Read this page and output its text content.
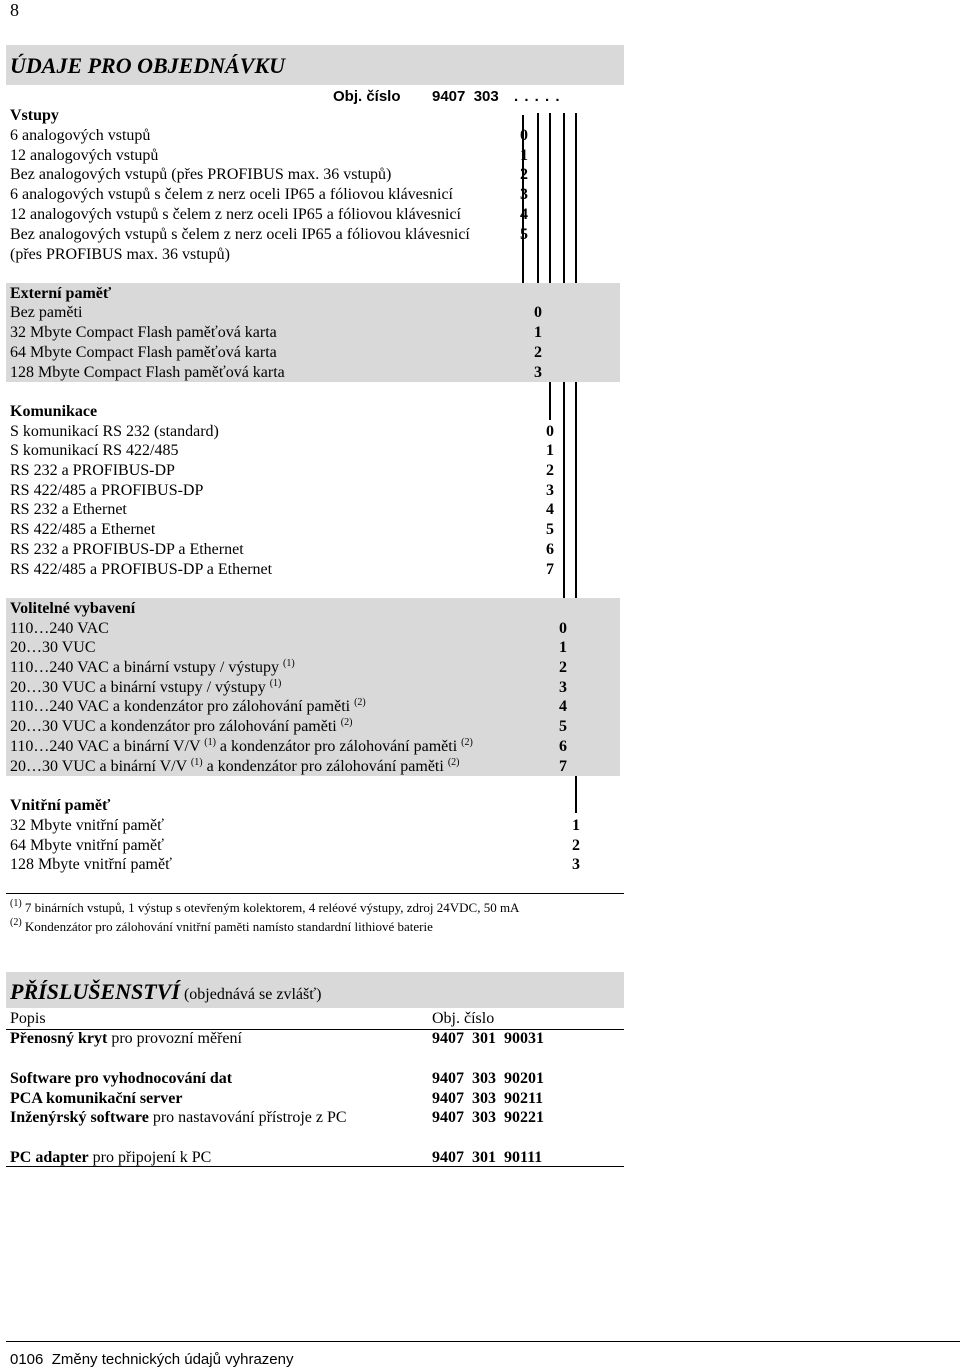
8
ÚDAJE PRO OBJEDNÁVKU
Obj. číslo 9407  303 . . . . .
Vstupy
6 analogových vstupů	0
12 analogových vstupů	1
Bez analogových vstupů (přes PROFIBUS max. 36 vstupů)	2
6 analogových vstupů s čelem z nerz oceli IP65 a fóliovou klávesnicí	3
12 analogových vstupů s čelem z nerz oceli IP65 a fóliovou klávesnicí	4
Bez analogových vstupů s čelem z nerz oceli IP65 a fóliovou klávesnicí	5
(přes PROFIBUS max. 36 vstupů)
Externí paměť
Bez paměti	0
32 Mbyte Compact Flash paměťová karta	1
64 Mbyte Compact Flash paměťová karta	2
128 Mbyte Compact Flash paměťová karta	3
Komunikace
S komunikací RS 232 (standard)	0
S komunikací RS 422/485	1
RS 232 a PROFIBUS-DP	2
RS 422/485 a PROFIBUS-DP	3
RS 232 a Ethernet	4
RS 422/485 a Ethernet	5
RS 232 a PROFIBUS-DP a Ethernet	6
RS 422/485 a PROFIBUS-DP a Ethernet	7
Volitelné vybavení
110…240 VAC	0
20…30 VUC	1
110…240 VAC a binární vstupy / výstupy $^{(1)}$	2
20…30 VUC a binární vstupy / výstupy $^{(1)}$	3
110…240 VAC a kondenzátor pro zálohování paměti $^{(2)}$	4
20…30 VUC a kondenzátor pro zálohování paměti $^{(2)}$	5
110…240 VAC a binární V/V $^{(1)}$ a kondenzátor pro zálohování paměti $^{(2)}$	6
20…30 VUC a binární V/V $^{(1)}$ a kondenzátor pro zálohování paměti $^{(2)}$	7
Vnitřní paměť
32 Mbyte vnitřní paměť	1
64 Mbyte vnitřní paměť	2
128 Mbyte vnitřní paměť	3
$^{(1)}$ 7 binárních vstupů, 1 výstup s otevřeným kolektorem, 4 reléové výstupy, zdroj 24VDC, 50 mA
$^{(2)}$ Kondenzátor pro zálohování vnitřní paměti namísto standardní lithiové baterie
PŘÍSLUŠENSTVÍ (objednává se zvlášť)
Popis	Obj. číslo
Přenosný kryt pro provozní měření	9407  301  90031
Software pro vyhodnocování dat	9407  303  90201
PCA komunikační server	9407  303  90211
Inženýrský software pro nastavování přístroje z PC	9407  303  90221
PC adapter pro připojení k PC	9407  301  90111
0106  Změny technických údajů vyhrazeny
